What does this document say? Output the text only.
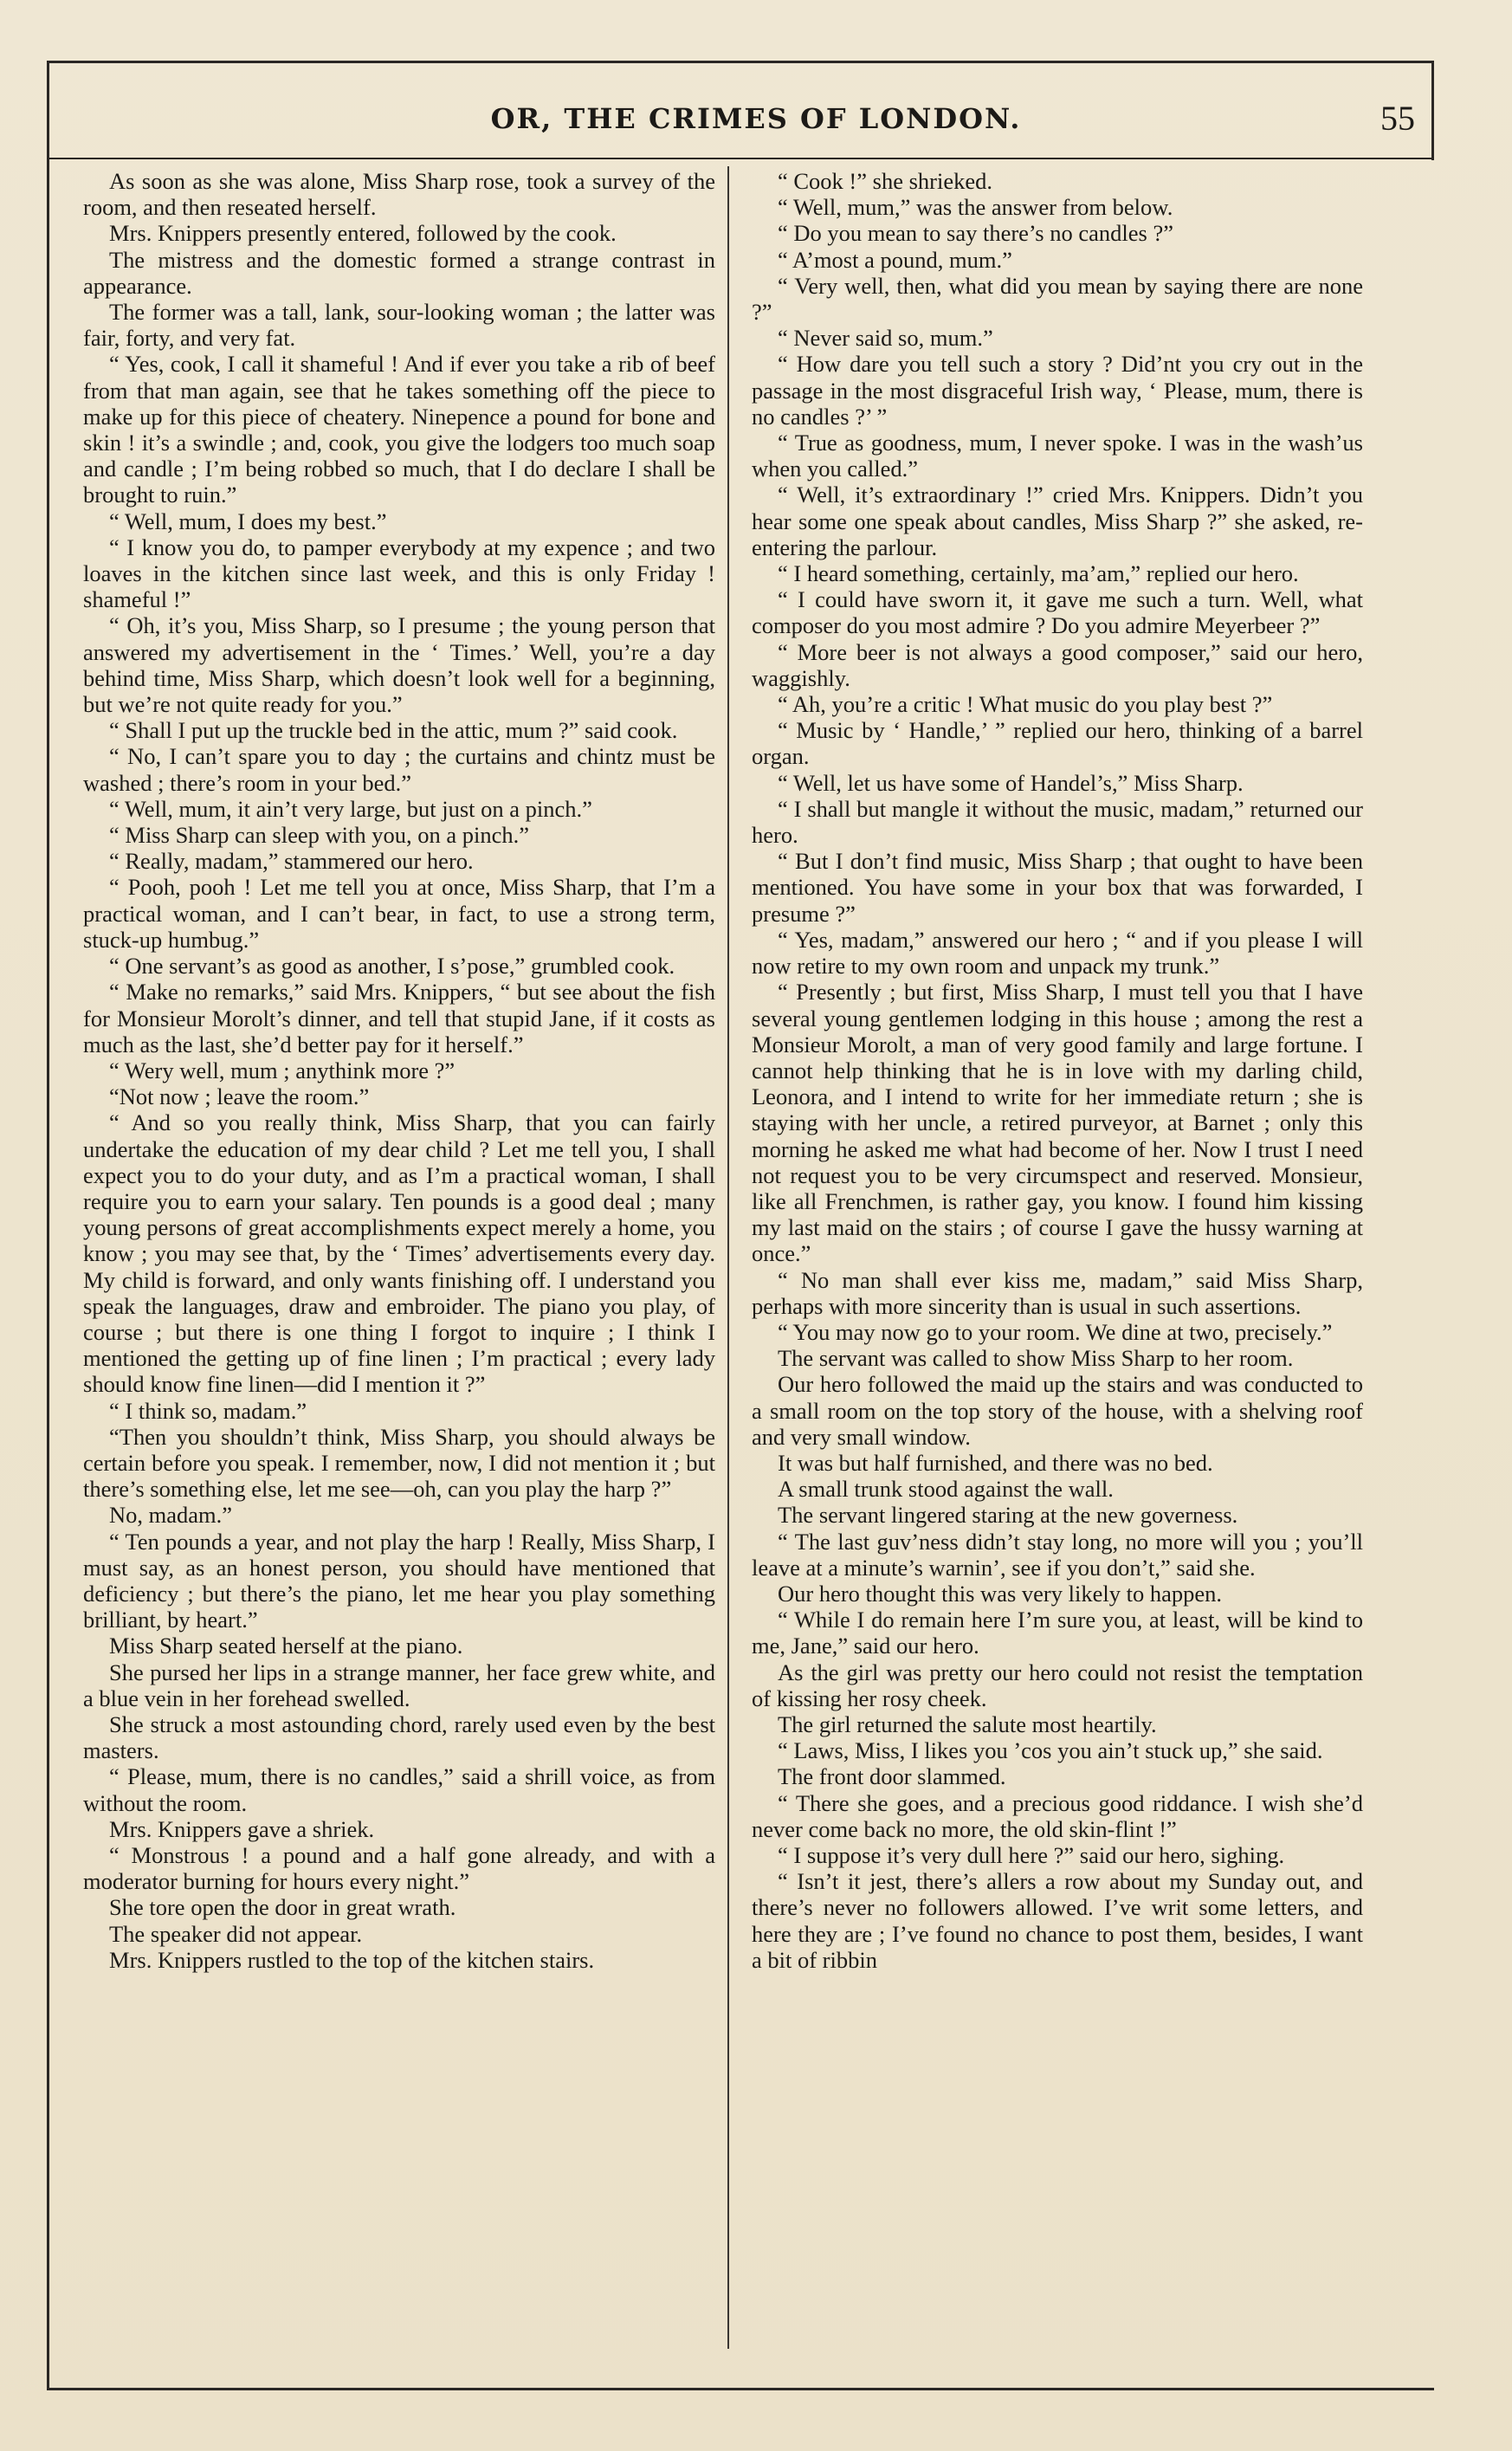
OR, THE CRIMES OF LONDON.	55

As soon as she was alone, Miss Sharp rose, took a survey of the room, and then reseated herself.

Mrs. Knippers presently entered, followed by the cook.

The mistress and the domestic formed a strange contrast in appearance.

The former was a tall, lank, sour-looking woman ; the latter was fair, forty, and very fat.

“ Yes, cook, I call it shameful ! And if ever you take a rib of beef from that man again, see that he takes something off the piece to make up for this piece of cheatery. Ninepence a pound for bone and skin ! it’s a swindle ; and, cook, you give the lodgers too much soap and candle ; I’m being robbed so much, that I do declare I shall be brought to ruin.”

“ Well, mum, I does my best.”

“ I know you do, to pamper everybody at my expence ; and two loaves in the kitchen since last week, and this is only Friday ! shameful !”

“ Oh, it’s you, Miss Sharp, so I presume ; the young person that answered my advertisement in the ‘ Times.’ Well, you’re a day behind time, Miss Sharp, which doesn’t look well for a beginning, but we’re not quite ready for you.”

“ Shall I put up the truckle bed in the attic, mum ?” said cook.

“ No, I can’t spare you to day ; the curtains and chintz must be washed ; there’s room in your bed.”

“ Well, mum, it ain’t very large, but just on a pinch.”

“ Miss Sharp can sleep with you, on a pinch.”

“ Really, madam,” stammered our hero.

“ Pooh, pooh ! Let me tell you at once, Miss Sharp, that I’m a practical woman, and I can’t bear, in fact, to use a strong term, stuck-up humbug.”

“ One servant’s as good as another, I s’pose,” grumbled cook.

“ Make no remarks,” said Mrs. Knippers, “ but see about the fish for Monsieur Morolt’s dinner, and tell that stupid Jane, if it costs as much as the last, she’d better pay for it herself.”

“ Wery well, mum ; anythink more ?”

“Not now ; leave the room.”

“ And so you really think, Miss Sharp, that you can fairly undertake the education of my dear child ? Let me tell you, I shall expect you to do your duty, and as I’m a practical woman, I shall require you to earn your salary. Ten pounds is a good deal ; many young persons of great accomplishments expect merely a home, you know ; you may see that, by the ‘ Times’ advertisements every day. My child is forward, and only wants finishing off. I understand you speak the languages, draw and embroider. The piano you play, of course ; but there is one thing I forgot to inquire ; I think I mentioned the getting up of fine linen ; I’m practical ; every lady should know fine linen—did I mention it ?”

“ I think so, madam.”

“Then you shouldn’t think, Miss Sharp, you should always be certain before you speak. I remember, now, I did not mention it ; but there’s something else, let me see—oh, can you play the harp ?”

No, madam.”

“ Ten pounds a year, and not play the harp ! Really, Miss Sharp, I must say, as an honest person, you should have mentioned that deficiency ; but there’s the piano, let me hear you play something brilliant, by heart.”

Miss Sharp seated herself at the piano.

She pursed her lips in a strange manner, her face grew white, and a blue vein in her forehead swelled.

She struck a most astounding chord, rarely used even by the best masters.

“ Please, mum, there is no candles,” said a shrill voice, as from without the room.

Mrs. Knippers gave a shriek.

“ Monstrous ! a pound and a half gone already, and with a moderator burning for hours every night.”

She tore open the door in great wrath.

The speaker did not appear.

Mrs. Knippers rustled to the top of the kitchen stairs.

“ Cook !” she shrieked.

“ Well, mum,” was the answer from below.

“ Do you mean to say there’s no candles ?”

“ A’most a pound, mum.”

“ Very well, then, what did you mean by saying there are none ?”

“ Never said so, mum.”

“ How dare you tell such a story ? Did’nt you cry out in the passage in the most disgraceful Irish way, ‘ Please, mum, there is no candles ?’ ”

“ True as goodness, mum, I never spoke. I was in the wash’us when you called.”

“ Well, it’s extraordinary !” cried Mrs. Knippers. Didn’t you hear some one speak about candles, Miss Sharp ?” she asked, re-entering the parlour.

“ I heard something, certainly, ma’am,” replied our hero.

“ I could have sworn it, it gave me such a turn. Well, what composer do you most admire ? Do you admire Meyerbeer ?”

“ More beer is not always a good composer,” said our hero, waggishly.

“ Ah, you’re a critic ! What music do you play best ?”

“ Music by ‘ Handle,’ ” replied our hero, thinking of a barrel organ.

“ Well, let us have some of Handel’s,” Miss Sharp.

“ I shall but mangle it without the music, madam,” returned our hero.

“ But I don’t find music, Miss Sharp ; that ought to have been mentioned. You have some in your box that was forwarded, I presume ?”

“ Yes, madam,” answered our hero ; “ and if you please I will now retire to my own room and unpack my trunk.”

“ Presently ; but first, Miss Sharp, I must tell you that I have several young gentlemen lodging in this house ; among the rest a Monsieur Morolt, a man of very good family and large fortune. I cannot help thinking that he is in love with my darling child, Leonora, and I intend to write for her immediate return ; she is staying with her uncle, a retired purveyor, at Barnet ; only this morning he asked me what had become of her. Now I trust I need not request you to be very circumspect and reserved. Monsieur, like all Frenchmen, is rather gay, you know. I found him kissing my last maid on the stairs ; of course I gave the hussy warning at once.”

“ No man shall ever kiss me, madam,” said Miss Sharp, perhaps with more sincerity than is usual in such assertions.

“ You may now go to your room. We dine at two, precisely.”

The servant was called to show Miss Sharp to her room.

Our hero followed the maid up the stairs and was conducted to a small room on the top story of the house, with a shelving roof and very small window.

It was but half furnished, and there was no bed.

A small trunk stood against the wall.

The servant lingered staring at the new governess.

“ The last guv’ness didn’t stay long, no more will you ; you’ll leave at a minute’s warnin’, see if you don’t,” said she.

Our hero thought this was very likely to happen.

“ While I do remain here I’m sure you, at least, will be kind to me, Jane,” said our hero.

As the girl was pretty our hero could not resist the temptation of kissing her rosy cheek.

The girl returned the salute most heartily.

“ Laws, Miss, I likes you ’cos you ain’t stuck up,” she said.

The front door slammed.

“ There she goes, and a precious good riddance. I wish she’d never come back no more, the old skin-flint !”

“ I suppose it’s very dull here ?” said our hero, sighing.

“ Isn’t it jest, there’s allers a row about my Sunday out, and there’s never no followers allowed. I’ve writ some letters, and here they are ; I’ve found no chance to post them, besides, I want a bit of ribbin
